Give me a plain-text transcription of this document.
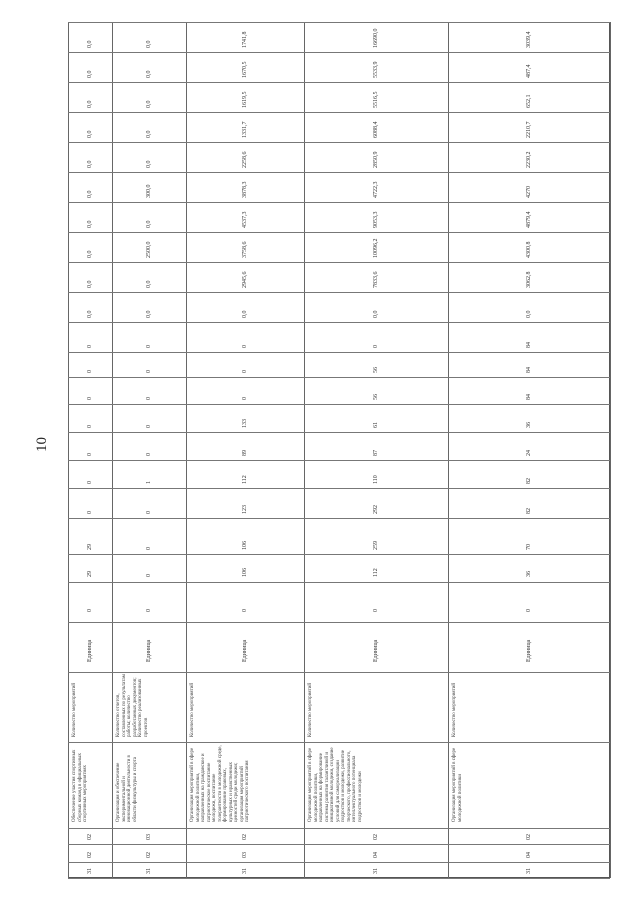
10
31
02
02
Обеспечение участия спортивных сборных команд в официальных спортивных мероприятиях
Количество мероприятий
Единица
0
29
29
0
0
0
0
0
0
0
0,0
0,0
0,0
0,0
0,0
0,0
0,0
0,0
0,0
0,0
31
02
03
Организация и обеспечение экспериментальной и инновационной деятельности в области физкультуры и спорта
Количество отчетов, составленных по результатам работы; количество разработанных документов; Количество реализованных проектов
Единица
0
0
0
0
1
0
0
0
0
0
0,0
0,0
2500,0
0,0
300,0
0,0
0,0
0,0
0,0
0,0
31
03
02
Организация мероприятий в сфере молодежной политики, направленных на гражданское и патриотическое воспитание молодежи, воспитание толерантности в молодежной среде, формирование правовых, культурных и нравственных ценностей среди молодежи; организация мероприятий патриотического воспитания
Количество мероприятий
Единица
0
106
106
123
112
89
133
0
0
0
0,0
2945,6
3758,6
4537,3
3878,3
2258,6
1331,7
1619,5
1670,5
1741,8
31
04
02
Организация мероприятий в сфере молодежной политики, направленных на формирование системы развития талантливой и инициативной молодежи, создание условий для самореализации подростков и молодежи, развитие творческого, профессионального, интеллектуального потенциала подростков и молодежи
Количество мероприятий
Единица
0
112
259
292
110
87
61
56
56
0
0,0
7833,6
10096,2
9053,3
4722,3
2850,9
6088,4
5516,5
5533,9
16690,0
31
04
02
Организация мероприятий в сфере молодежной политики
Количество мероприятий
Единица
0
36
70
82
82
24
36
84
84
84
0,0
3062,8
4300,8
4879,4
4270
2230,2
2210,7
652,1
487,4
3039,4
